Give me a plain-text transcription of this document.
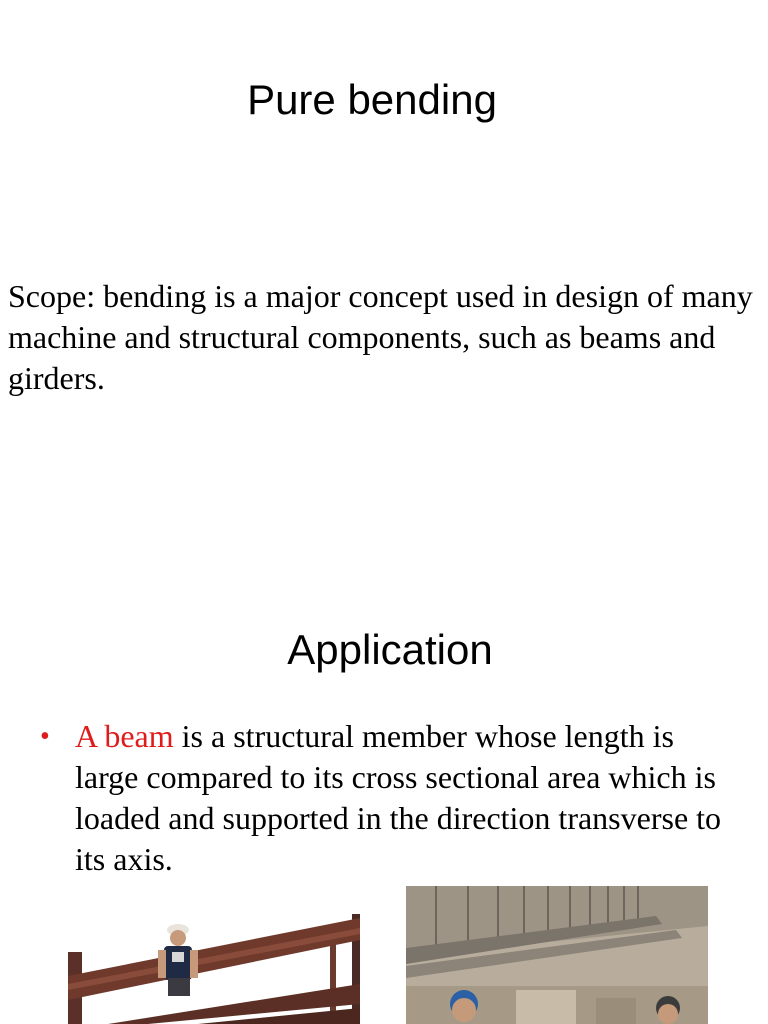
Pure bending

Scope: bending is a major concept used in design of many machine and structural components, such as beams and girders.

Application
• A beam is a structural member whose length is large compared to its cross sectional area which is loaded and supported in the direction transverse to its axis.
